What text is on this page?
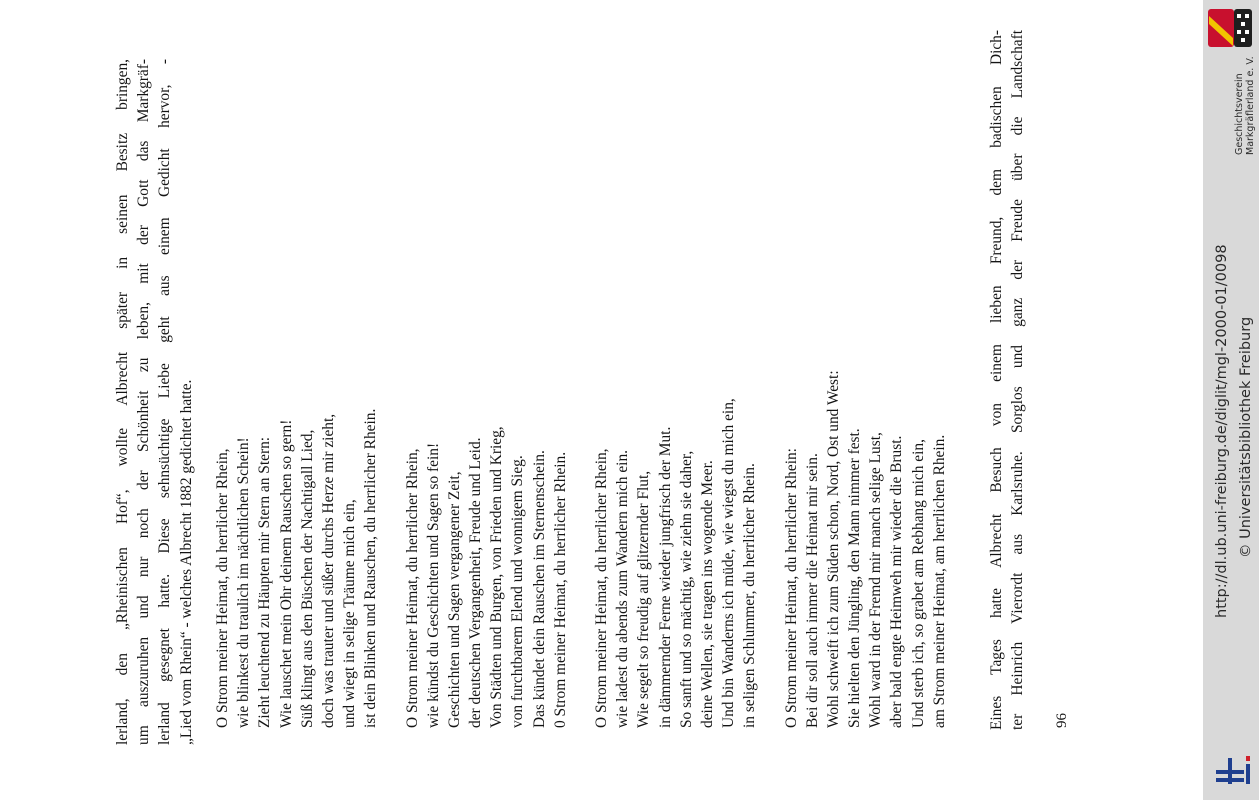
lerland, den „Rheinischen Hof“, wollte Albrecht später in seinen Besitz bringen, um auszuruhen und nur noch der Schönheit zu leben, mit der Gott das Markgräf- lerland gesegnet hatte. Diese sehnsüchtige Liebe geht aus einem Gedicht hervor, - „Lied vom Rhein“ - welches Albrecht 1882 gedichtet hatte. O Strom meiner Heimat, du herrlicher Rhein, wie blinkest du traulich im nächtlichen Schein! Zieht leuchtend zu Häupten mir Stern an Stern: Wie lauschet mein Ohr deinem Rauschen so gern! Süß klingt aus den Büschen der Nachtigall Lied, doch was trauter und süßer durchs Herze mir zieht, und wiegt in selige Träume mich ein, ist dein Blinken und Rauschen, du herrlicher Rhein. O Strom meiner Heimat, du herrlicher Rhein, wie kündst du Geschichten und Sagen so fein! Geschichten und Sagen vergangener Zeit, der deutschen Vergangenheit, Freude und Leid. Von Städten und Burgen, von Frieden und Krieg, von furchtbarem Elend und wonnigem Sieg. Das kündet dein Rauschen im Sternenschein. 0 Strom meiner Heimat, du herrlicher Rhein. O Strom meiner Heimat, du herrlicher Rhein, wie ladest du abends zum Wandern mich ein. Wie segelt so freudig auf glitzernder Flut, in dämmernder Ferne wieder jungfrisch der Mut. So sanft und so mächtig, wie ziehn sie daher, deine Wellen, sie tragen ins wogende Meer. Und bin Wanderns ich müde, wie wiegst du mich ein, in seligen Schlummer, du herrlicher Rhein. O Strom meiner Heimat, du herrlicher Rhein: Bei dir soll auch immer die Heimat mir sein. Wohl schweift ich zum Süden schon, Nord, Ost und West: Sie hielten den Jüngling, den Mann nimmer fest. Wohl ward in der Fremd mir manch selige Lust, aber bald engte Heimweh mir wieder die Brust. Und sterb ich, so grabet am Rebhang mich ein, am Strom meiner Heimat, am herrlichen Rhein.	Eines Tages hatte Albrecht Besuch von einem lieben Freund, dem badischen Dich- ter Heinrich Vierordt aus Karlsruhe. Sorglos und ganz der Freude über die Landschaft 96
Geschichtsverein Markgräflerland e. V.
http://dl.ub.uni-freiburg.de/diglit/mgl-2000-01/0098 © Universitätsbibliothek Freiburg
